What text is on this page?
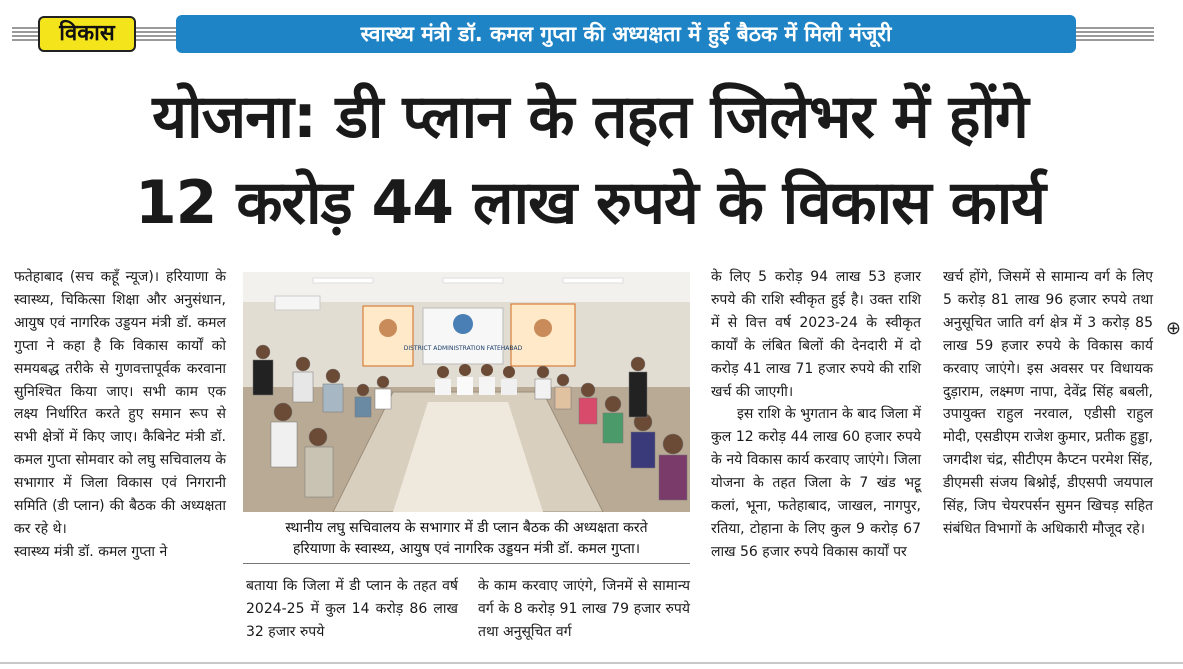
विकास	स्वास्थ्य मंत्री डॉ. कमल गुप्ता की अध्यक्षता में हुई बैठक में मिली मंजूरी
योजना: डी प्लान के तहत जिलेभर में होंगे
12 करोड़ 44 लाख रुपये के विकास कार्य

फतेहाबाद (सच कहूँ न्यूज)। हरियाणा के स्वास्थ्य, चिकित्सा शिक्षा और अनुसंधान, आयुष एवं नागरिक उड्डयन मंत्री डॉ. कमल गुप्ता ने कहा है कि विकास कार्यों को समयबद्ध तरीके से गुणवत्तापूर्वक करवाना सुनिश्चित किया जाए। सभी काम एक लक्ष्य निर्धारित करते हुए समान रूप से सभी क्षेत्रों में किए जाए। कैबिनेट मंत्री डॉ. कमल गुप्ता सोमवार को लघु सचिवालय के सभागार में जिला विकास एवं निगरानी समिति (डी प्लान) की बैठक की अध्यक्षता कर रहे थे।

स्वास्थ्य मंत्री डॉ. कमल गुप्ता ने

DISTRICT ADMINISTRATION FATEHABAD
स्थानीय लघु सचिवालय के सभागार में डी प्लान बैठक की अध्यक्षता करते
हरियाणा के स्वास्थ्य, आयुष एवं नागरिक उड्डयन मंत्री डॉ. कमल गुप्ता।

बताया कि जिला में डी प्लान के तहत वर्ष 2024-25 में कुल 14 करोड़ 86 लाख 32 हजार रुपये

के काम करवाए जाएंगे, जिनमें से सामान्य वर्ग के 8 करोड़ 91 लाख 79 हजार रुपये तथा अनुसूचित वर्ग

के लिए 5 करोड़ 94 लाख 53 हजार रुपये की राशि स्वीकृत हुई है। उक्त राशि में से वित्त वर्ष 2023-24 के स्वीकृत कार्यों के लंबित बिलों की देनदारी में दो करोड़ 41 लाख 71 हजार रुपये की राशि खर्च की जाएगी।

इस राशि के भुगतान के बाद जिला में कुल 12 करोड़ 44 लाख 60 हजार रुपये के नये विकास कार्य करवाए जाएंगे। जिला योजना के तहत जिला के 7 खंड भट्टू कलां, भूना, फतेहाबाद, जाखल, नागपुर, रतिया, टोहाना के लिए कुल 9 करोड़ 67 लाख 56 हजार रुपये विकास कार्यों पर

खर्च होंगे, जिसमें से सामान्य वर्ग के लिए 5 करोड़ 81 लाख 96 हजार रुपये तथा अनुसूचित जाति वर्ग क्षेत्र में 3 करोड़ 85 लाख 59 हजार रुपये के विकास कार्य करवाए जाएंगे। इस अवसर पर विधायक दुड़ाराम, लक्ष्मण नापा, देवेंद्र सिंह बबली, उपायुक्त राहुल नरवाल, एडीसी राहुल मोदी, एसडीएम राजेश कुमार, प्रतीक हुड्डा, जगदीश चंद्र, सीटीएम कैप्टन परमेश सिंह, डीएमसी संजय बिश्नोई, डीएसपी जयपाल सिंह, जिप चेयरपर्सन सुमन खिचड़ सहित संबंधित विभागों के अधिकारी मौजूद रहे।

⊕
